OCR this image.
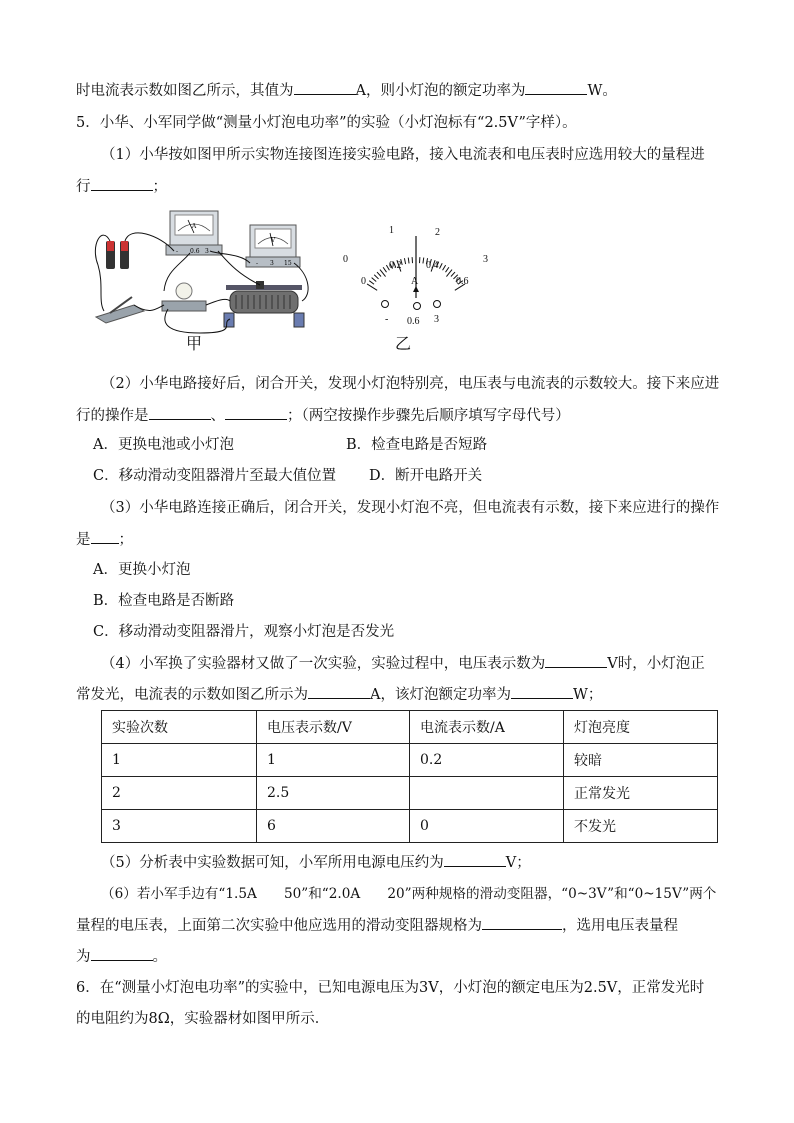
时电流表示数如图乙所示，其值为	A，则小灯泡的额定功率为	W。
5．小华、小军同学做“测量小灯泡电功率”的实验（小灯泡标有“2.5V”字样）。
（1）小华按如图甲所示实物连接图连接实验电路，接入电流表和电压表时应选用较大的量程进
行	；
A
- 0.6 3
V
- 3 15
甲
0
1	2
3
0
0.2 0.4
0.6
A
- 0.6 3
乙
（2）小华电路接好后，闭合开关，发现小灯泡特别亮，电压表与电流表的示数较大。接下来应进
行的操作是	、	；（两空按操作步骤先后顺序填写字母代号）
A．更换电池或小灯泡	B．检查电路是否短路
C．移动滑动变阻器滑片至最大值位置 D．断开电路开关
（3）小华电路连接正确后，闭合开关，发现小灯泡不亮，但电流表有示数，接下来应进行的操作
是 ；
A．更换小灯泡
B．检查电路是否断路
C．移动滑动变阻器滑片，观察小灯泡是否发光
（4）小军换了实验器材又做了一次实验，实验过程中，电压表示数为	V时，小灯泡正
常发光，电流表的示数如图乙所示为	A，该灯泡额定功率为	W；
实验次数	电压表示数/V	电流表示数/A	灯泡亮度
1	1	0.2	较暗
2	2.5		正常发光
3	6	0	不发光
（5）分析表中实验数据可知，小军所用电源电压约为	V；
（6）若小军手边有“1.5A　　50”和“2.0A　　20”两种规格的滑动变阻器，“0~3V”和“0~15V”两个
量程的电压表，上面第二次实验中他应选用的滑动变阻器规格为	，选用电压表量程
为	。
6．在“测量小灯泡电功率”的实验中，已知电源电压为3V，小灯泡的额定电压为2.5V，正常发光时
的电阻约为8Ω，实验器材如图甲所示．
